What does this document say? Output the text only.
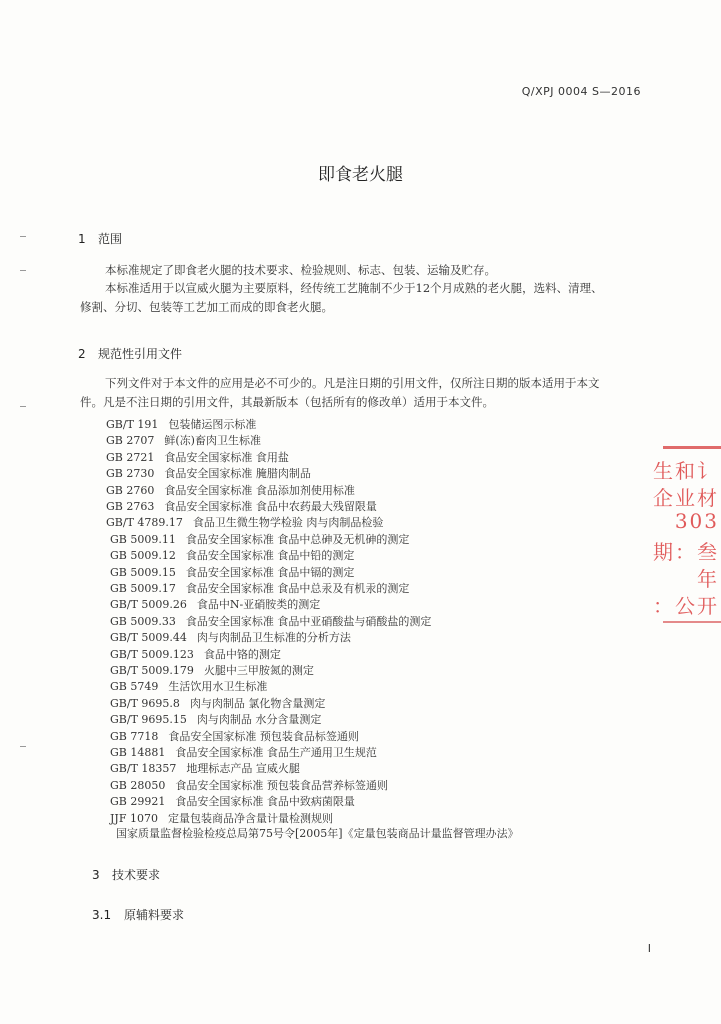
Q/XPJ 0004 S—2016
即食老火腿
1 范围
本标准规定了即食老火腿的技术要求、检验规则、标志、包装、运输及贮存。
本标准适用于以宣威火腿为主要原料，经传统工艺腌制不少于12个月成熟的老火腿，选料、清理、
修割、分切、包装等工艺加工而成的即食老火腿。
2 规范性引用文件
下列文件对于本文件的应用是必不可少的。凡是注日期的引用文件，仅所注日期的版本适用于本文
件。凡是不注日期的引用文件，其最新版本（包括所有的修改单）适用于本文件。
GB/T 191 包装储运图示标准
GB 2707 鲜(冻)畜肉卫生标准
GB 2721 食品安全国家标准 食用盐
GB 2730 食品安全国家标准 腌腊肉制品
GB 2760 食品安全国家标准 食品添加剂使用标准
GB 2763 食品安全国家标准 食品中农药最大残留限量
GB/T 4789.17 食品卫生微生物学检验 肉与肉制品检验
GB 5009.11 食品安全国家标准 食品中总砷及无机砷的测定
GB 5009.12 食品安全国家标准 食品中铅的测定
GB 5009.15 食品安全国家标准 食品中镉的测定
GB 5009.17 食品安全国家标准 食品中总汞及有机汞的测定
GB/T 5009.26 食品中N-亚硝胺类的测定
GB 5009.33 食品安全国家标准 食品中亚硝酸盐与硝酸盐的测定
GB/T 5009.44 肉与肉制品卫生标准的分析方法
GB/T 5009.123 食品中铬的测定
GB/T 5009.179 火腿中三甲胺氮的测定
GB 5749 生活饮用水卫生标准
GB/T 9695.8 肉与肉制品 氯化物含量测定
GB/T 9695.15 肉与肉制品 水分含量测定
GB 7718 食品安全国家标准 预包装食品标签通则
GB 14881 食品安全国家标准 食品生产通用卫生规范
GB/T 18357 地理标志产品 宣威火腿
GB 28050 食品安全国家标准 预包装食品营养标签通则
GB 29921 食品安全国家标准 食品中致病菌限量
JJF 1070 定量包装商品净含量计量检测规则
国家质量监督检验检疫总局第75号令[2005年]《定量包装商品计量监督管理办法》
3 技术要求
3.1 原辅料要求
生和讠
企业材
303
期：叁
年
：公开
I
